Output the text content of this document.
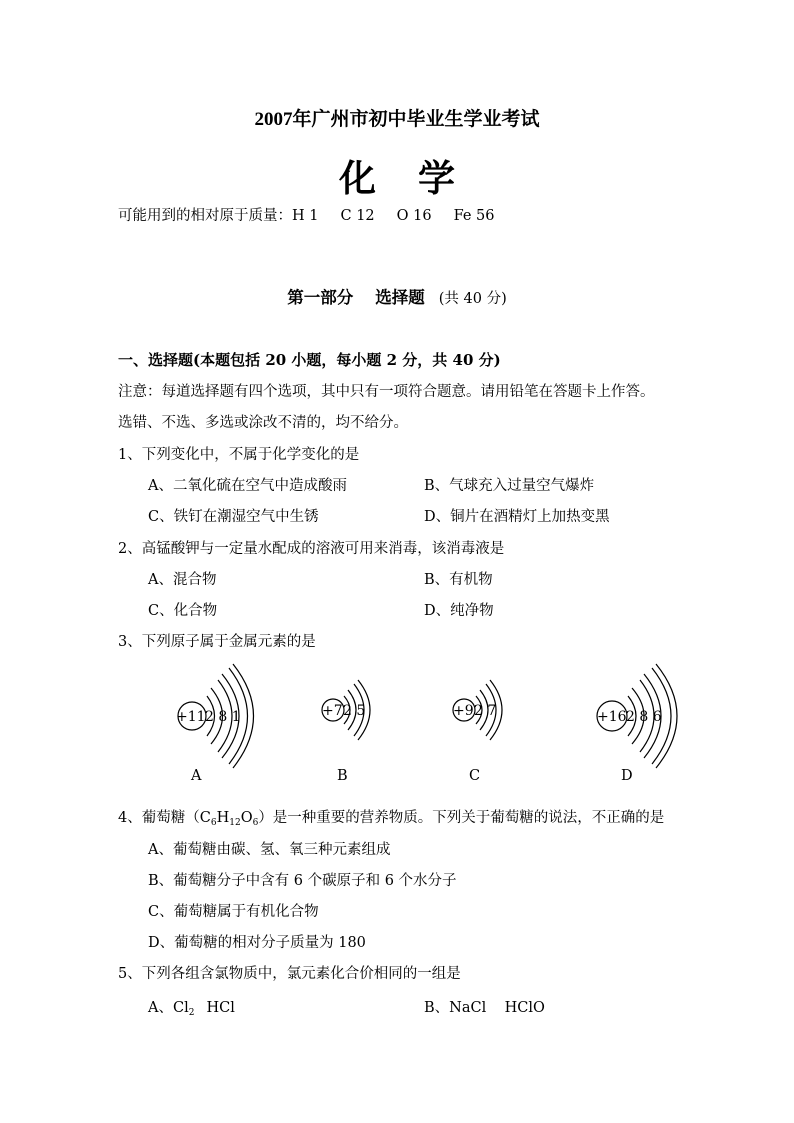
2007年广州市初中毕业生学业考试
化学
可能用到的相对原于质量：H 1 C 12 O 16 Fe 56
第一部分 选择题 (共 40 分)
一、选择题(本题包括 20 小题，每小题 2 分，共 40 分)
注意：每道选择题有四个选项，其中只有一项符合题意。请用铅笔在答题卡上作答。
选错、不选、多选或涂改不清的，均不给分。
1、下列变化中，不属于化学变化的是
A、二氧化硫在空气中造成酸雨	B、气球充入过量空气爆炸
C、铁钉在潮湿空气中生锈	D、铜片在酒精灯上加热变黑
2、高锰酸钾与一定量水配成的溶液可用来消毒，该消毒液是
A、混合物	B、有机物
C、化合物	D、纯净物
3、下列原子属于金属元素的是
+11 2 8 1	+7 2 5	+9 2 7	+16 2 8 6
A	B	C	D
4、葡萄糖$(C_6H_{12}O_6)$是一种重要的营养物质。下列关于葡萄糖的说法，不正确的是
A、葡萄糖由碳、氢、氧三种元素组成
B、葡萄糖分子中含有 6 个碳原子和 6 个水分子
C、葡萄糖属于有机化合物
D、葡萄糖的相对分子质量为 180
5、下列各组含氯物质中，氯元素化合价相同的一组是
A、$Cl_2$ HCl	B、NaCl    HClO
